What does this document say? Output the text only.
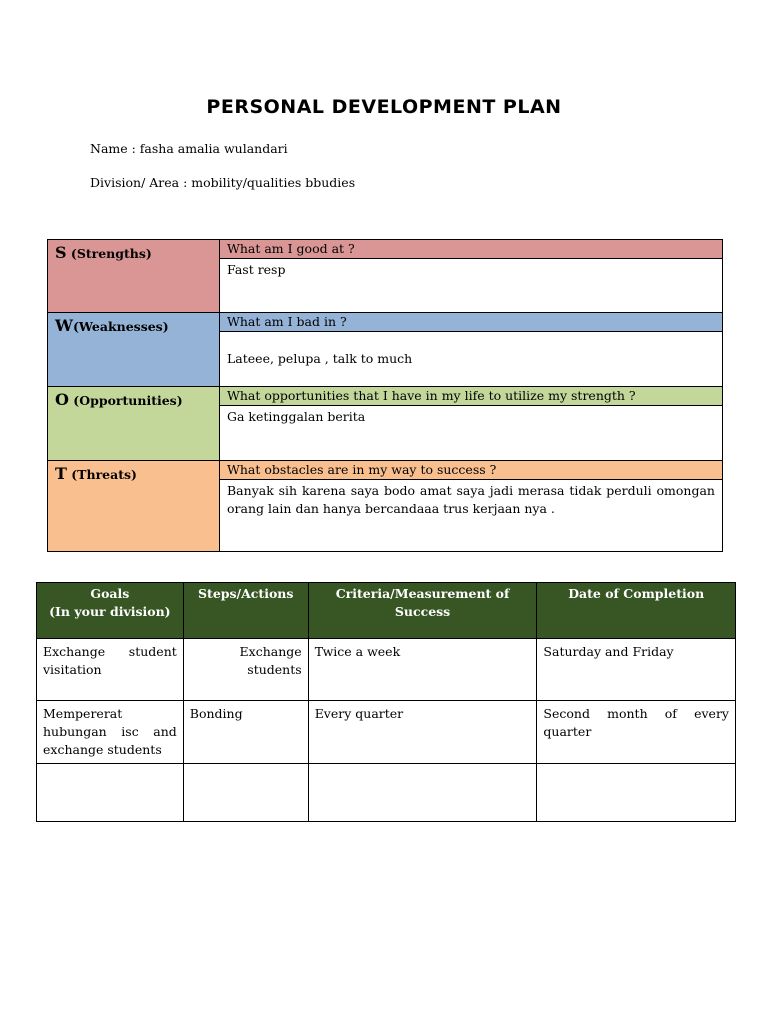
PERSONAL DEVELOPMENT PLAN
Name : fasha amalia wulandari
Division/ Area : mobility/qualities bbudies
S (Strengths)	What am I good at ?
	Fast resp
W(Weaknesses)	What am I bad in ?
	Lateee, pelupa , talk to much
O (Opportunities)	What opportunities that I have in my life to utilize my strength ?
	Ga ketinggalan berita
T (Threats)	What obstacles are in my way to success ?
	Banyak sih karena saya bodo amat saya jadi merasa tidak perduli omongan orang lain dan hanya bercandaaa trus kerjaan nya .
Goals
(In your division)	Steps/Actions	Criteria/Measurement of Success	Date of Completion
Exchange student visitation	Exchange students	Twice a week	Saturday and Friday
Mempererat hubungan isc and exchange students	Bonding	Every quarter	Second month of every quarter
